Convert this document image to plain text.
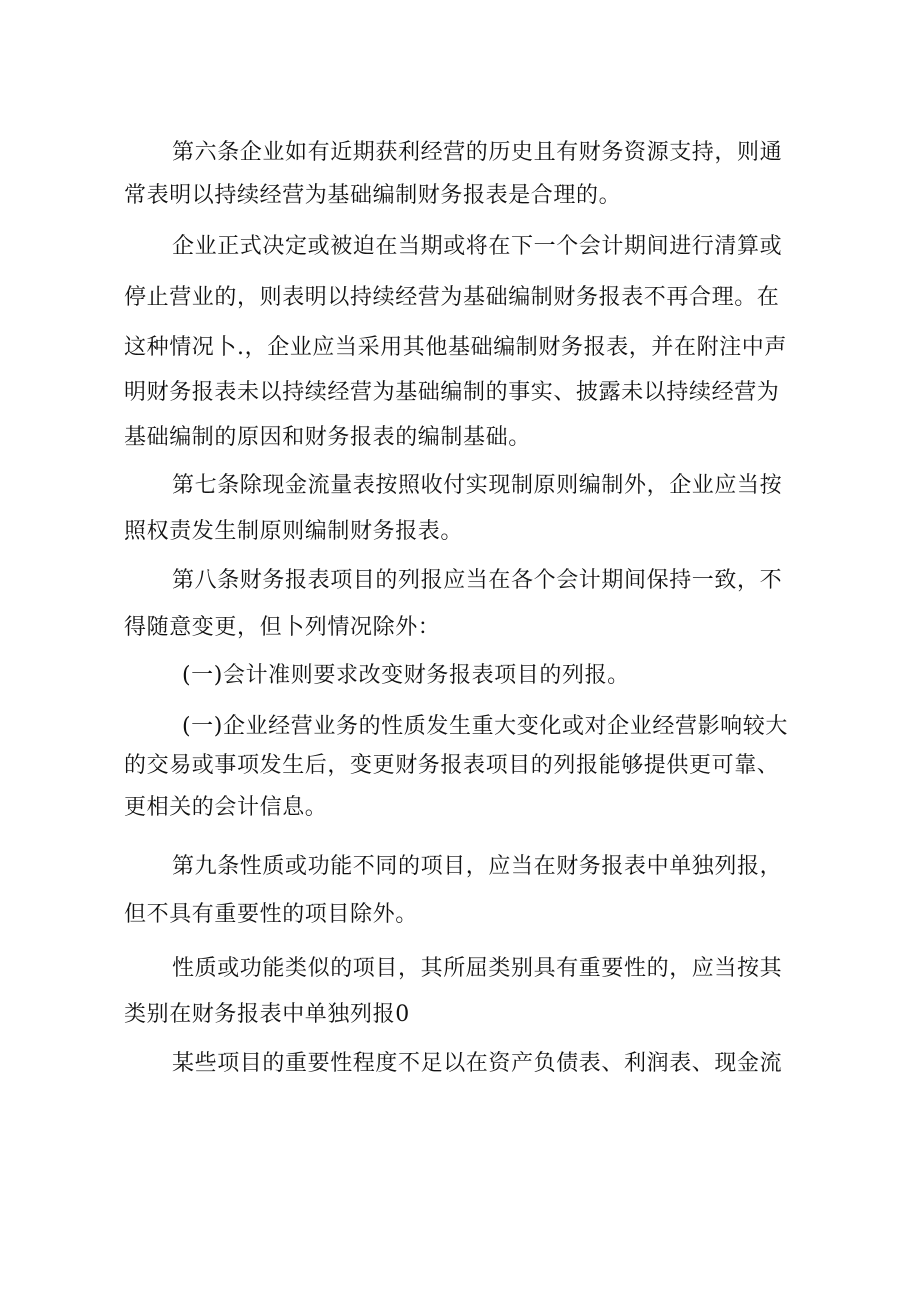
第六条企业如有近期获利经营的历史且有财务资源支持，则通
常表明以持续经营为基础编制财务报表是合理的。
企业正式决定或被迫在当期或将在下一个会计期间进行清算或
停止营业的，则表明以持续经营为基础编制财务报表不再合理。在
这种情况卜.，企业应当采用其他基础编制财务报表，并在附注中声
明财务报表未以持续经营为基础编制的事实、披露未以持续经营为
基础编制的原因和财务报表的编制基础。
第七条除现金流量表按照收付实现制原则编制外，企业应当按
照权责发生制原则编制财务报表。
第八条财务报表项目的列报应当在各个会计期间保持一致，不
得随意变更，但卜列情况除外：
(一)会计准则要求改变财务报表项目的列报。
(一)企业经营业务的性质发生重大变化或对企业经营影响较大
的交易或事项发生后，变更财务报表项目的列报能够提供更可靠、
更相关的会计信息。
第九条性质或功能不同的项目，应当在财务报表中单独列报，
但不具有重要性的项目除外。
性质或功能类似的项目，其所屈类别具有重要性的，应当按其
类别在财务报表中单独列报0
某些项目的重要性程度不足以在资产负债表、利润表、现金流
